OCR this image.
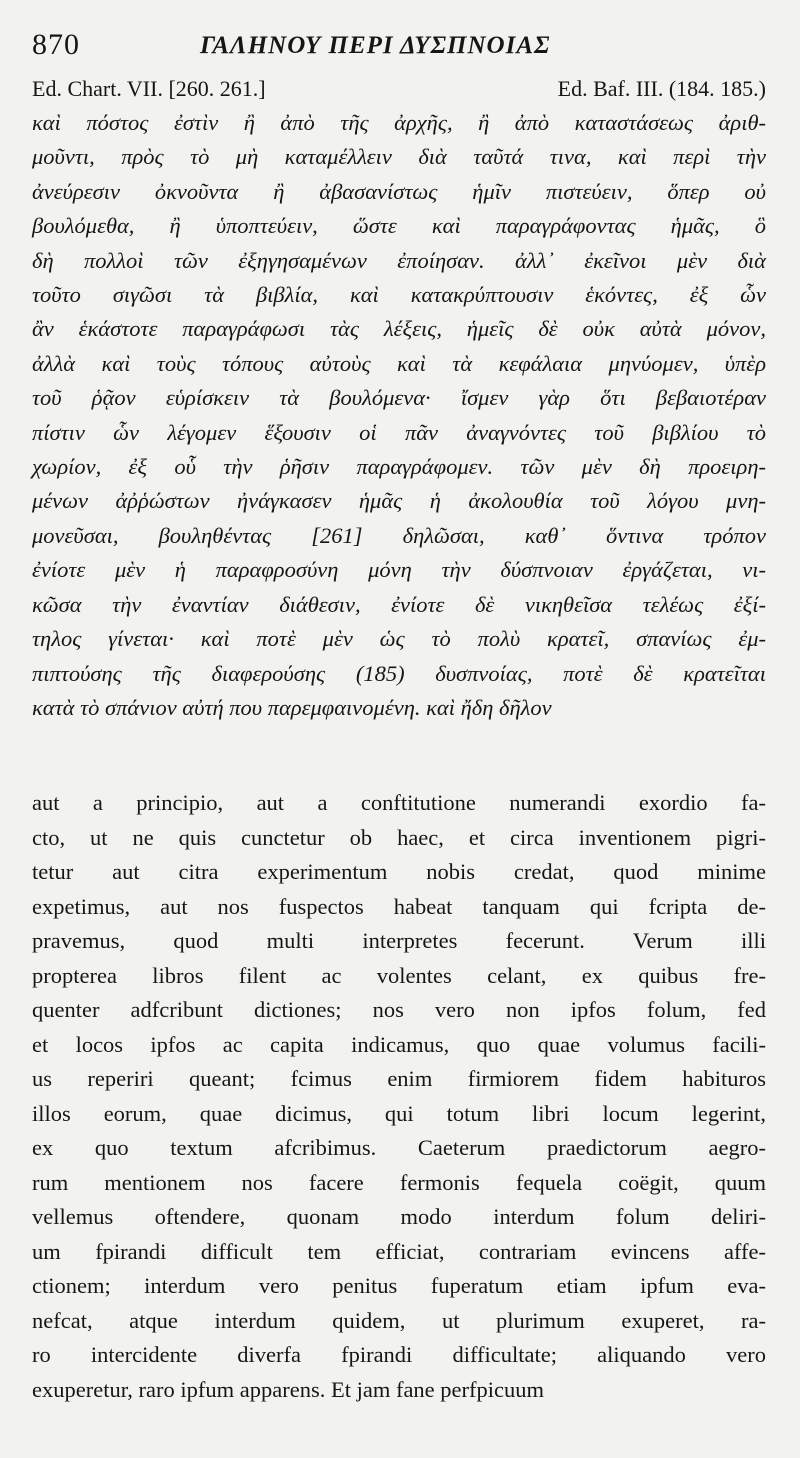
870	ΓΑΛΗΝΟΥ ΠΕΡΙ ΔΥΣΠΝΟΙΑΣ
Ed. Chart. VII. [260. 261.]	Ed. Baf. III. (184. 185.)
καὶ πόστος ἐστὶν ἢ ἀπὸ τῆς ἀρχῆς, ἢ ἀπὸ καταστάσεως ἀριθ-
μοῦντι, πρὸς τὸ μὴ καταμέλλειν διὰ ταῦτά τινα, καὶ περὶ τὴν
ἀνεύρεσιν ὀκνοῦντα ἢ ἀβασανίστως ἡμῖν πιστεύειν, ὅπερ οὐ
βουλόμεθα, ἢ ὑποπτεύειν, ὥστε καὶ παραγράφοντας ἡμᾶς, ὃ
δὴ πολλοὶ τῶν ἐξηγησαμένων ἐποίησαν. ἀλλ᾽ ἐκεῖνοι μὲν διὰ
τοῦτο σιγῶσι τὰ βιβλία, καὶ κατακρύπτουσιν ἑκόντες, ἐξ ὧν
ἂν ἑκάστοτε παραγράφωσι τὰς λέξεις, ἡμεῖς δὲ οὐκ αὐτὰ μόνον,
ἀλλὰ καὶ τοὺς τόπους αὐτοὺς καὶ τὰ κεφάλαια μηνύομεν, ὑπὲρ
τοῦ ῥᾷον εὑρίσκειν τὰ βουλόμενα· ἴσμεν γὰρ ὅτι βεβαιοτέραν
πίστιν ὧν λέγομεν ἕξουσιν οἱ πᾶν ἀναγνόντες τοῦ βιβλίου τὸ
χωρίον, ἐξ οὗ τὴν ῥῆσιν παραγράφομεν. τῶν μὲν δὴ προειρη-
μένων ἀῤῥώστων ἠνάγκασεν ἡμᾶς ἡ ἀκολουθία τοῦ λόγου μνη-
μονεῦσαι, βουληθέντας [261] δηλῶσαι, καθ᾽ ὅντινα τρόπον
ἐνίοτε μὲν ἡ παραφροσύνη μόνη τὴν δύσπνοιαν ἐργάζεται, νι-
κῶσα τὴν ἐναντίαν διάθεσιν, ἐνίοτε δὲ νικηθεῖσα τελέως ἐξί-
τηλος γίνεται· καὶ ποτὲ μὲν ὡς τὸ πολὺ κρατεῖ, σπανίως ἐμ-
πιπτούσης τῆς διαφερούσης (185) δυσπνοίας, ποτὲ δὲ κρατεῖται
κατὰ τὸ σπάνιον αὐτή που παρεμφαινομένη. καὶ ἤδη δῆλον
aut a principio, aut a conftitutione numerandi exordio fa-
cto, ut ne quis cunctetur ob haec, et circa inventionem pigri-
tetur aut citra experimentum nobis credat, quod minime
expetimus, aut nos fuspectos habeat tanquam qui fcripta de-
pravemus, quod multi interpretes fecerunt. Verum illi
propterea libros filent ac volentes celant, ex quibus fre-
quenter adfcribunt dictiones; nos vero non ipfos folum, fed
et locos ipfos ac capita indicamus, quo quae volumus facili-
us reperiri queant; fcimus enim firmiorem fidem habituros
illos eorum, quae dicimus, qui totum libri locum legerint,
ex quo textum afcribimus. Caeterum praedictorum aegro-
rum mentionem nos facere fermonis fequela coëgit, quum
vellemus oftendere, quonam modo interdum folum deliri-
um fpirandi difficult tem efficiat, contrariam evincens affe-
ctionem; interdum vero penitus fuperatum etiam ipfum eva-
nefcat, atque interdum quidem, ut plurimum exuperet, ra-
ro intercidente diverfa fpirandi difficultate; aliquando vero
exuperetur, raro ipfum apparens. Et jam fane perfpicuum
